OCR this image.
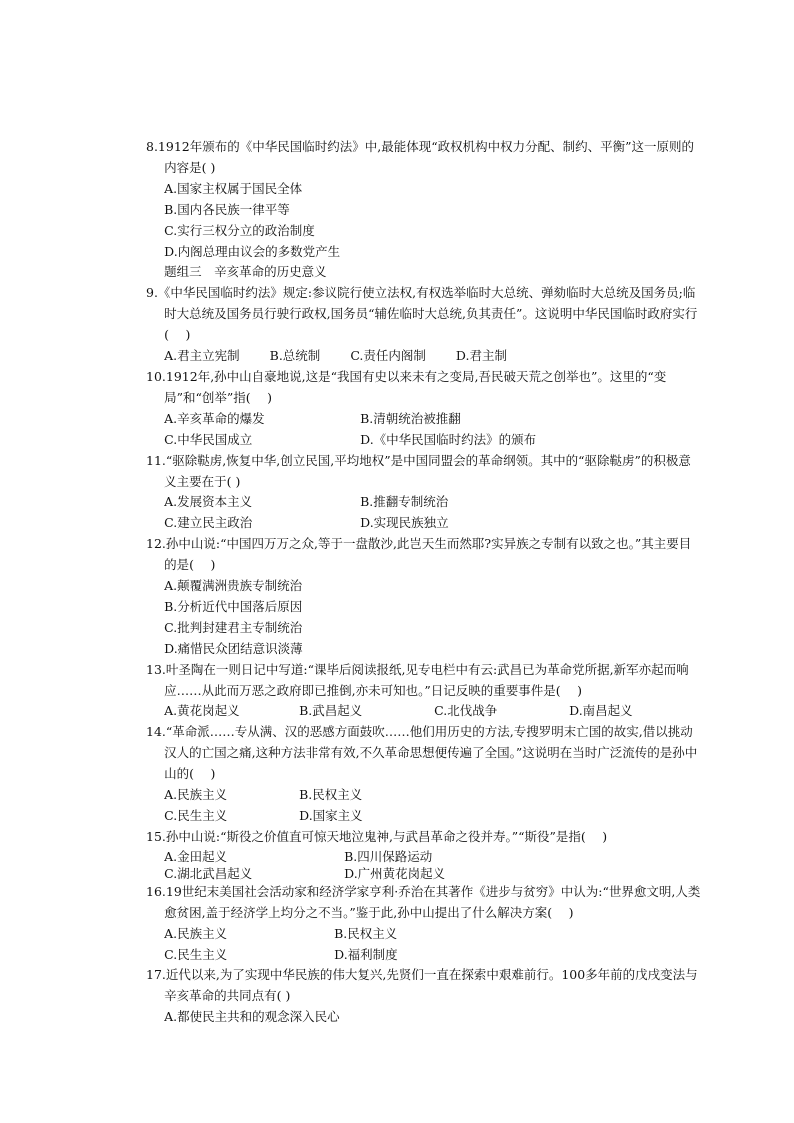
8.1912年颁布的《中华民国临时约法》中,最能体现“政权机构中权力分配、制约、平衡”这一原则的内容是( )

A.国家主权属于国民全体
B.国内各民族一律平等
C.实行三权分立的政治制度
D.内阁总理由议会的多数党产生

题组三　辛亥革命的历史意义

9.《中华民国临时约法》规定:参议院行使立法权,有权选举临时大总统、弹劾临时大总统及国务员;临时大总统及国务员行驶行政权,国务员“辅佐临时大总统,负其责任”。这说明中华民国临时政府实行(　 )

A.君主立宪制 B.总统制 C.责任内阁制 D.君主制

10.1912年,孙中山自豪地说,这是“我国有史以来未有之变局,吾民破天荒之创举也”。这里的“变局”和“创举”指(　 )

A.辛亥革命的爆发	B.清朝统治被推翻
C.中华民国成立	D.《中华民国临时约法》的颁布

11.“驱除鞑虏,恢复中华,创立民国,平均地权”是中国同盟会的革命纲领。其中的“驱除鞑虏”的积极意义主要在于( )

A.发展资本主义	B.推翻专制统治
C.建立民主政治	D.实现民族独立

12.孙中山说:“中国四万万之众,等于一盘散沙,此岂天生而然耶?实异族之专制有以致之也。”其主要目的是(　 )

A.颠覆满洲贵族专制统治
B.分析近代中国落后原因
C.批判封建君主专制统治
D.痛惜民众团结意识淡薄

13.叶圣陶在一则日记中写道:“课毕后阅读报纸,见专电栏中有云:武昌已为革命党所据,新军亦起而响应……从此而万恶之政府即已推倒,亦未可知也。”日记反映的重要事件是(　 )

A.黄花岗起义	B.武昌起义	C.北伐战争	D.南昌起义

14.“革命派……专从满、汉的恶感方面鼓吹……他们用历史的方法,专搜罗明末亡国的故实,借以挑动汉人的亡国之痛,这种方法非常有效,不久革命思想便传遍了全国。”这说明在当时广泛流传的是孙中山的(　 )

A.民族主义	B.民权主义
C.民生主义	D.国家主义

15.孙中山说:“斯役之价值直可惊天地泣鬼神,与武昌革命之役并寿。”“斯役”是指(　 )

A.金田起义	B.四川保路运动
C.湖北武昌起义	D.广州黄花岗起义

16.19世纪末美国社会活动家和经济学家亨利·乔治在其著作《进步与贫穷》中认为:“世界愈文明,人类愈贫困,盖于经济学上均分之不当。”鉴于此,孙中山提出了什么解决方案(　 )

A.民族主义	B.民权主义
C.民生主义	D.福利制度

17.近代以来,为了实现中华民族的伟大复兴,先贤们一直在探索中艰难前行。100多年前的戊戌变法与辛亥革命的共同点有( )

A.都使民主共和的观念深入民心
